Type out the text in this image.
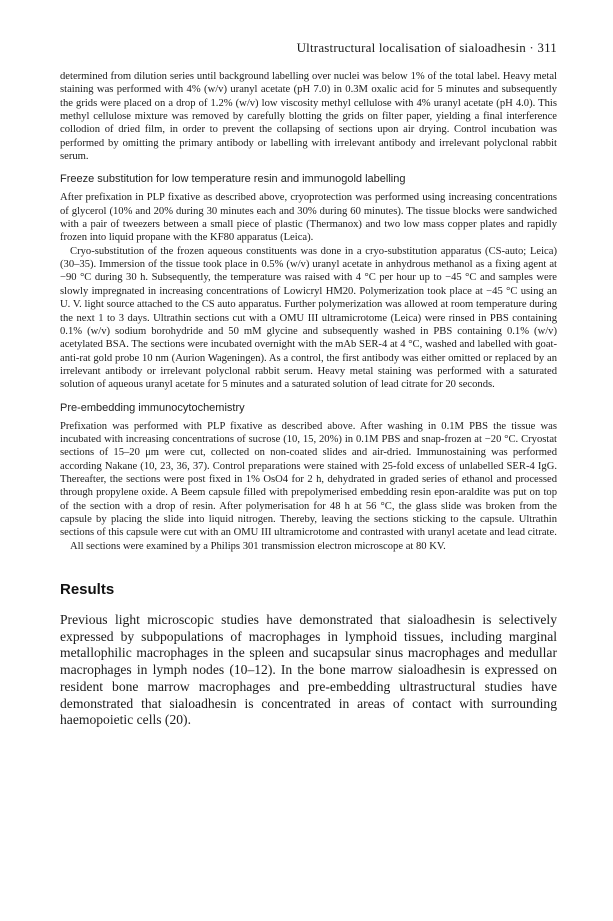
Ultrastructural localisation of sialoadhesin · 311

determined from dilution series until background labelling over nuclei was below 1% of the total label. Heavy metal staining was performed with 4% (w/v) uranyl acetate (pH 7.0) in 0.3M oxalic acid for 5 minutes and subsequently the grids were placed on a drop of 1.2% (w/v) low viscosity methyl cellulose with 4% uranyl acetate (pH 4.0). This methyl cellulose mixture was removed by carefully blotting the grids on filter paper, yielding a final interference collodion of dried film, in order to prevent the collapsing of sections upon air drying. Control incubation was performed by omitting the primary antibody or labelling with irrelevant antibody and irrelevant polyclonal rabbit serum.

Freeze substitution for low temperature resin and immunogold labelling

After prefixation in PLP fixative as described above, cryoprotection was performed using increasing concentrations of glycerol (10% and 20% during 30 minutes each and 30% during 60 minutes). The tissue blocks were sandwiched with a pair of tweezers between a small piece of plastic (Thermanox) and two low mass copper plates and rapidly frozen into liquid propane with the KF80 apparatus (Leica).

Cryo-substitution of the frozen aqueous constituents was done in a cryo-substitution apparatus (CS-auto; Leica) (30–35). Immersion of the tissue took place in 0.5% (w/v) uranyl acetate in anhydrous methanol as a fixing agent at −90 °C during 30 h. Subsequently, the temperature was raised with 4 °C per hour up to −45 °C and samples were slowly impregnated in increasing concentrations of Lowicryl HM20. Polymerization took place at −45 °C using an U. V. light source attached to the CS auto apparatus. Further polymerization was allowed at room temperature during the next 1 to 3 days. Ultrathin sections cut with a OMU III ultramicrotome (Leica) were rinsed in PBS containing 0.1% (w/v) sodium borohydride and 50 mM glycine and subsequently washed in PBS containing 0.1% (w/v) acetylated BSA. The sections were incubated overnight with the mAb SER-4 at 4 °C, washed and labelled with goat-anti-rat gold probe 10 nm (Aurion Wageningen). As a control, the first antibody was either omitted or replaced by an irrelevant antibody or irrelevant polyclonal rabbit serum. Heavy metal staining was performed with a saturated solution of aqueous uranyl acetate for 5 minutes and a saturated solution of lead citrate for 20 seconds.

Pre-embedding immunocytochemistry

Prefixation was performed with PLP fixative as described above. After washing in 0.1M PBS the tissue was incubated with increasing concentrations of sucrose (10, 15, 20%) in 0.1M PBS and snap-frozen at −20 °C. Cryostat sections of 15–20 μm were cut, collected on non-coated slides and air-dried. Immunostaining was performed according Nakane (10, 23, 36, 37). Control preparations were stained with 25-fold excess of unlabelled SER-4 IgG. Thereafter, the sections were post fixed in 1% OsO4 for 2 h, dehydrated in graded series of ethanol and processed through propylene oxide. A Beem capsule filled with prepolymerised embedding resin epon-araldite was put on top of the section with a drop of resin. After polymerisation for 48 h at 56 °C, the glass slide was broken from the capsule by placing the slide into liquid nitrogen. Thereby, leaving the sections sticking to the capsule. Ultrathin sections of this capsule were cut with an OMU III ultramicrotome and contrasted with uranyl acetate and lead citrate.

All sections were examined by a Philips 301 transmission electron microscope at 80 KV.

Results

Previous light microscopic studies have demonstrated that sialoadhesin is selectively expressed by subpopulations of macrophages in lymphoid tissues, including marginal metallophilic macrophages in the spleen and sucapsular sinus macrophages and medullar macrophages in lymph nodes (10–12). In the bone marrow sialoadhesin is expressed on resident bone marrow macrophages and pre-embedding ultrastructural studies have demonstrated that sialoadhesin is concentrated in areas of contact with surrounding haemopoietic cells (20).
